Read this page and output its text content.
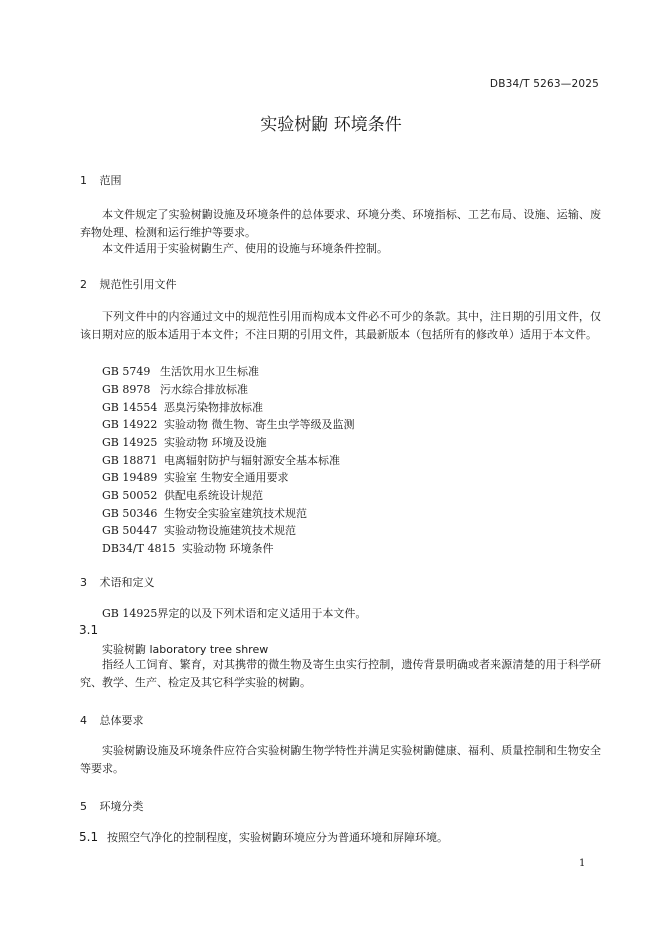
DB34/T 5263—2025
实验树鼩 环境条件
1 范围
本文件规定了实验树鼩设施及环境条件的总体要求、环境分类、环境指标、工艺布局、设施、运输、废弃物处理、检测和运行维护等要求。
本文件适用于实验树鼩生产、使用的设施与环境条件控制。
2 规范性引用文件
下列文件中的内容通过文中的规范性引用而构成本文件必不可少的条款。其中，注日期的引用文件，仅该日期对应的版本适用于本文件；不注日期的引用文件，其最新版本（包括所有的修改单）适用于本文件。
GB 5749 生活饮用水卫生标准
GB 8978 污水综合排放标准
GB 14554 恶臭污染物排放标准
GB 14922 实验动物 微生物、寄生虫学等级及监测
GB 14925 实验动物 环境及设施
GB 18871 电离辐射防护与辐射源安全基本标准
GB 19489 实验室 生物安全通用要求
GB 50052 供配电系统设计规范
GB 50346 生物安全实验室建筑技术规范
GB 50447 实验动物设施建筑技术规范
DB34/T 4815 实验动物 环境条件
3 术语和定义
GB 14925界定的以及下列术语和定义适用于本文件。
3.1
实验树鼩 laboratory tree shrew
指经人工饲育、繁育，对其携带的微生物及寄生虫实行控制，遗传背景明确或者来源清楚的用于科学研究、教学、生产、检定及其它科学实验的树鼩。
4 总体要求
实验树鼩设施及环境条件应符合实验树鼩生物学特性并满足实验树鼩健康、福利、质量控制和生物安全等要求。
5 环境分类
5.1 按照空气净化的控制程度，实验树鼩环境应分为普通环境和屏障环境。
1
